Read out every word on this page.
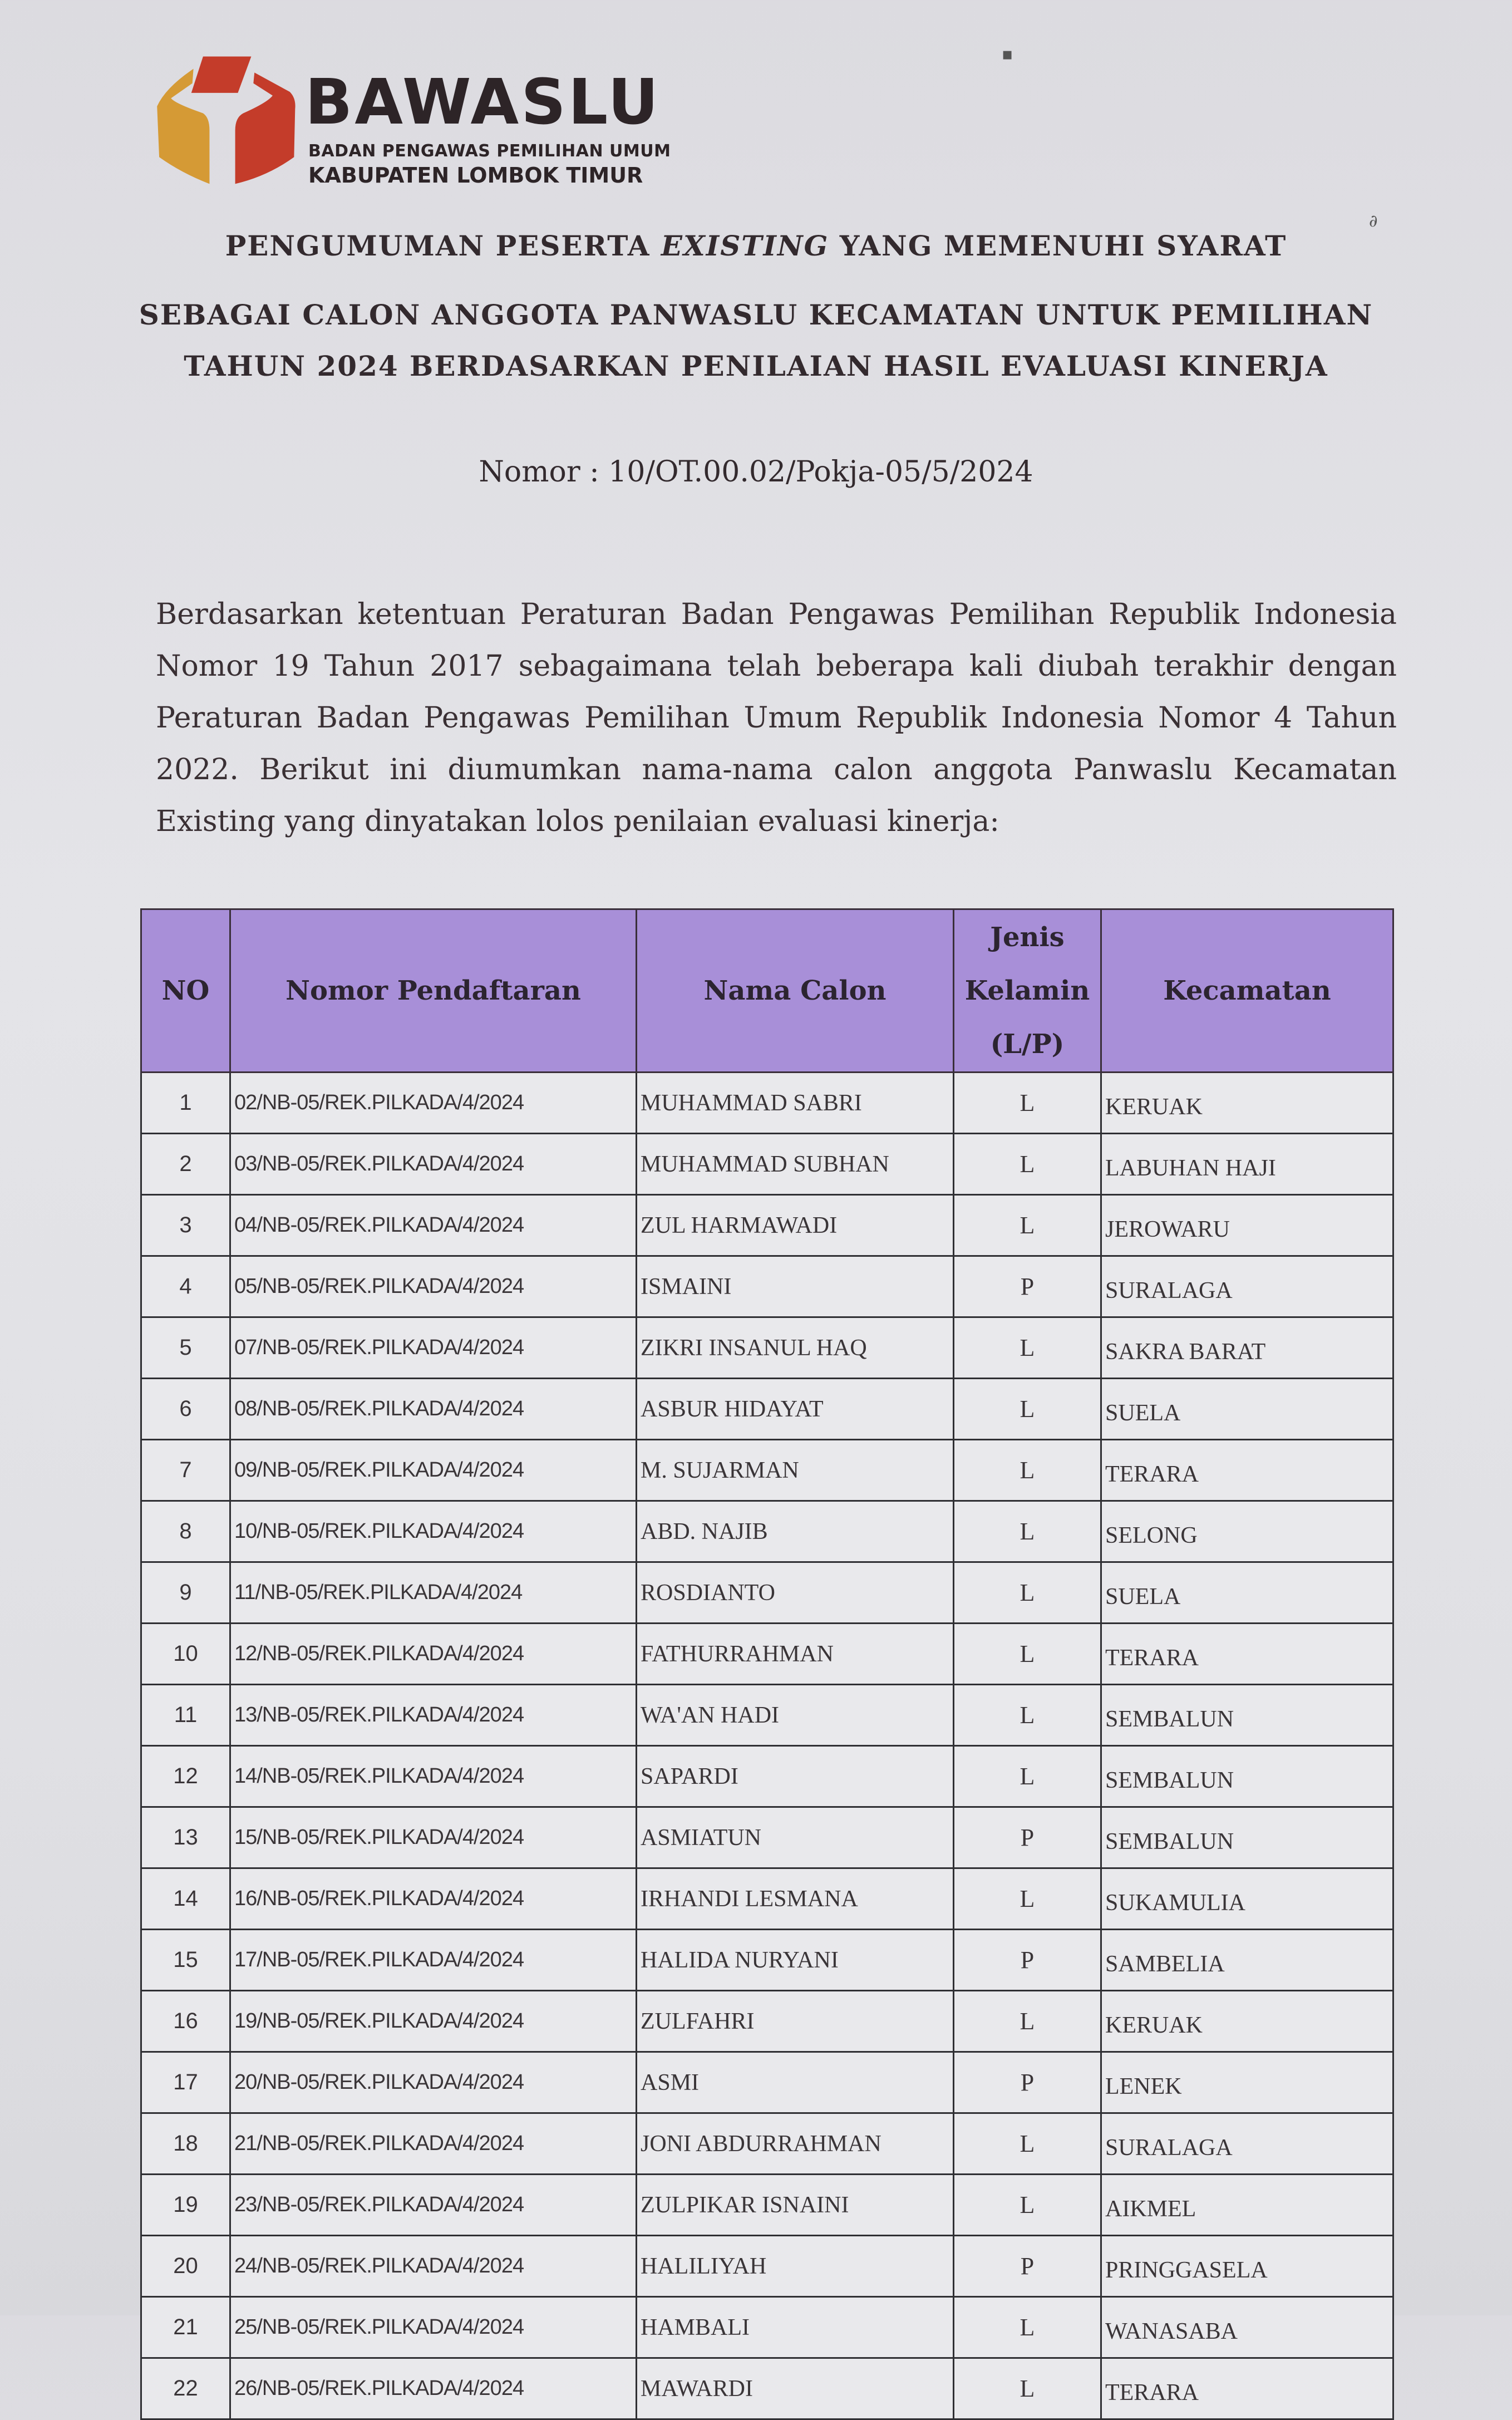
BAWASLU
BADAN PENGAWAS PEMILIHAN UMUM
KABUPATEN LOMBOK TIMUR
PENGUMUMAN PESERTA EXISTING YANG MEMENUHI SYARAT
SEBAGAI CALON ANGGOTA PANWASLU KECAMATAN UNTUK PEMILIHAN
TAHUN 2024 BERDASARKAN PENILAIAN HASIL EVALUASI KINERJA
Nomor : 10/OT.00.02/Pokja-05/5/2024
Berdasarkan ketentuan Peraturan Badan Pengawas Pemilihan Republik Indonesia Nomor 19 Tahun 2017 sebagaimana telah beberapa kali diubah terakhir dengan Peraturan Badan Pengawas Pemilihan Umum Republik Indonesia Nomor 4 Tahun 2022. Berikut ini diumumkan nama-nama calon anggota Panwaslu Kecamatan Existing yang dinyatakan lolos penilaian evaluasi kinerja:
NO	Nomor Pendaftaran	Nama Calon	Jenis
Kelamin
(L/P)	Kecamatan
1	02/NB-05/REK.PILKADA/4/2024	MUHAMMAD SABRI	L	KERUAK
2	03/NB-05/REK.PILKADA/4/2024	MUHAMMAD SUBHAN	L	LABUHAN HAJI
3	04/NB-05/REK.PILKADA/4/2024	ZUL HARMAWADI	L	JEROWARU
4	05/NB-05/REK.PILKADA/4/2024	ISMAINI	P	SURALAGA
5	07/NB-05/REK.PILKADA/4/2024	ZIKRI INSANUL HAQ	L	SAKRA BARAT
6	08/NB-05/REK.PILKADA/4/2024	ASBUR HIDAYAT	L	SUELA
7	09/NB-05/REK.PILKADA/4/2024	M. SUJARMAN	L	TERARA
8	10/NB-05/REK.PILKADA/4/2024	ABD. NAJIB	L	SELONG
9	11/NB-05/REK.PILKADA/4/2024	ROSDIANTO	L	SUELA
10	12/NB-05/REK.PILKADA/4/2024	FATHURRAHMAN	L	TERARA
11	13/NB-05/REK.PILKADA/4/2024	WA'AN HADI	L	SEMBALUN
12	14/NB-05/REK.PILKADA/4/2024	SAPARDI	L	SEMBALUN
13	15/NB-05/REK.PILKADA/4/2024	ASMIATUN	P	SEMBALUN
14	16/NB-05/REK.PILKADA/4/2024	IRHANDI LESMANA	L	SUKAMULIA
15	17/NB-05/REK.PILKADA/4/2024	HALIDA NURYANI	P	SAMBELIA
16	19/NB-05/REK.PILKADA/4/2024	ZULFAHRI	L	KERUAK
17	20/NB-05/REK.PILKADA/4/2024	ASMI	P	LENEK
18	21/NB-05/REK.PILKADA/4/2024	JONI ABDURRAHMAN	L	SURALAGA
19	23/NB-05/REK.PILKADA/4/2024	ZULPIKAR ISNAINI	L	AIKMEL
20	24/NB-05/REK.PILKADA/4/2024	HALILIYAH	P	PRINGGASELA
21	25/NB-05/REK.PILKADA/4/2024	HAMBALI	L	WANASABA
22	26/NB-05/REK.PILKADA/4/2024	MAWARDI	L	TERARA
▪
∂
